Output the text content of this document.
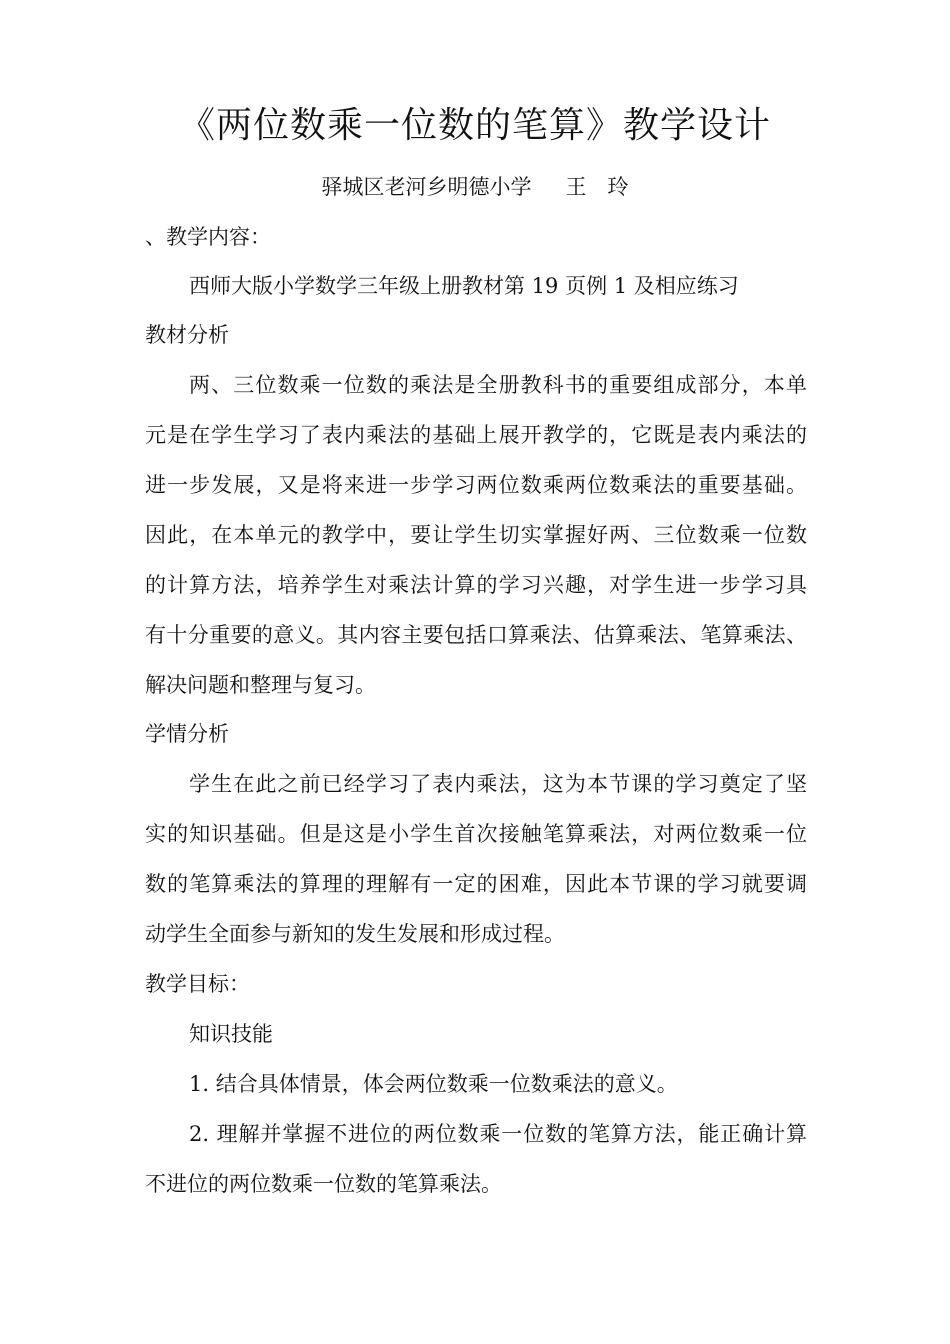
《两位数乘一位数的笔算》教学设计
驿城区老河乡明德小学 王　玲
、教学内容：
西师大版小学数学三年级上册教材第 19 页例 1 及相应练习
教材分析
两、三位数乘一位数的乘法是全册教科书的重要组成部分，本单
元是在学生学习了表内乘法的基础上展开教学的，它既是表内乘法的
进一步发展，又是将来进一步学习两位数乘两位数乘法的重要基础。
因此，在本单元的教学中，要让学生切实掌握好两、三位数乘一位数
的计算方法，培养学生对乘法计算的学习兴趣，对学生进一步学习具
有十分重要的意义。其内容主要包括口算乘法、估算乘法、笔算乘法、
解决问题和整理与复习。
学情分析
学生在此之前已经学习了表内乘法，这为本节课的学习奠定了坚
实的知识基础。但是这是小学生首次接触笔算乘法，对两位数乘一位
数的笔算乘法的算理的理解有一定的困难，因此本节课的学习就要调
动学生全面参与新知的发生发展和形成过程。
教学目标：
知识技能
1. 结合具体情景，体会两位数乘一位数乘法的意义。
2. 理解并掌握不进位的两位数乘一位数的笔算方法，能正确计算
不进位的两位数乘一位数的笔算乘法。
